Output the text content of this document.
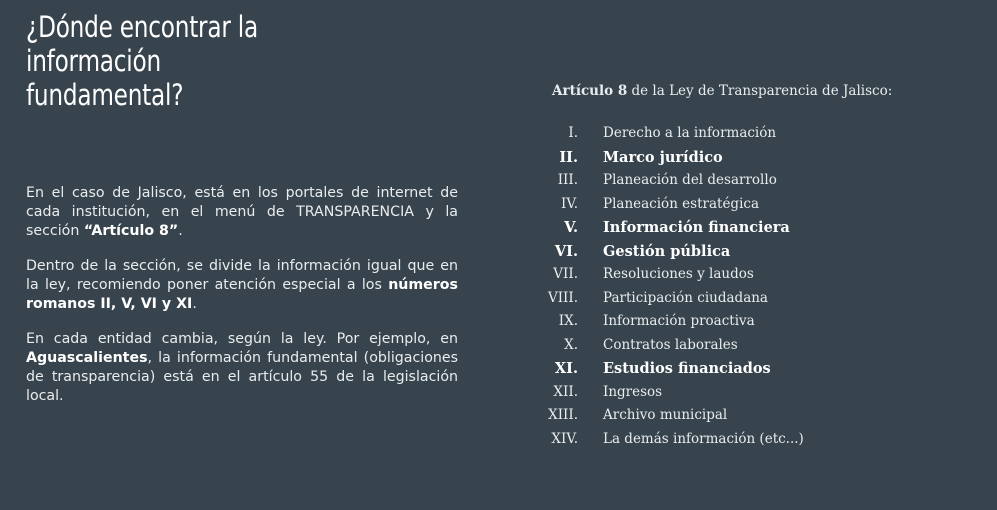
¿Dónde encontrar la información fundamental?

En el caso de Jalisco, está en los portales de internet de cada institución, en el menú de TRANSPARENCIA y la sección “Artículo 8”.

Dentro de la sección, se divide la información igual que en la ley, recomiendo poner atención especial a los números romanos II, V, VI y XI.

En cada entidad cambia, según la ley. Por ejemplo, en Aguascalientes, la información fundamental (obligaciones de transparencia) está en el artículo 55 de la legislación local.

Artículo 8 de la Ley de Transparencia de Jalisco:
I.	Derecho a la información
II.	Marco jurídico
III.	Planeación del desarrollo
IV.	Planeación estratégica
V.	Información financiera
VI.	Gestión pública
VII.	Resoluciones y laudos
VIII.	Participación ciudadana
IX.	Información proactiva
X.	Contratos laborales
XI.	Estudios financiados
XII.	Ingresos
XIII.	Archivo municipal
XIV.	La demás información (etc...)
